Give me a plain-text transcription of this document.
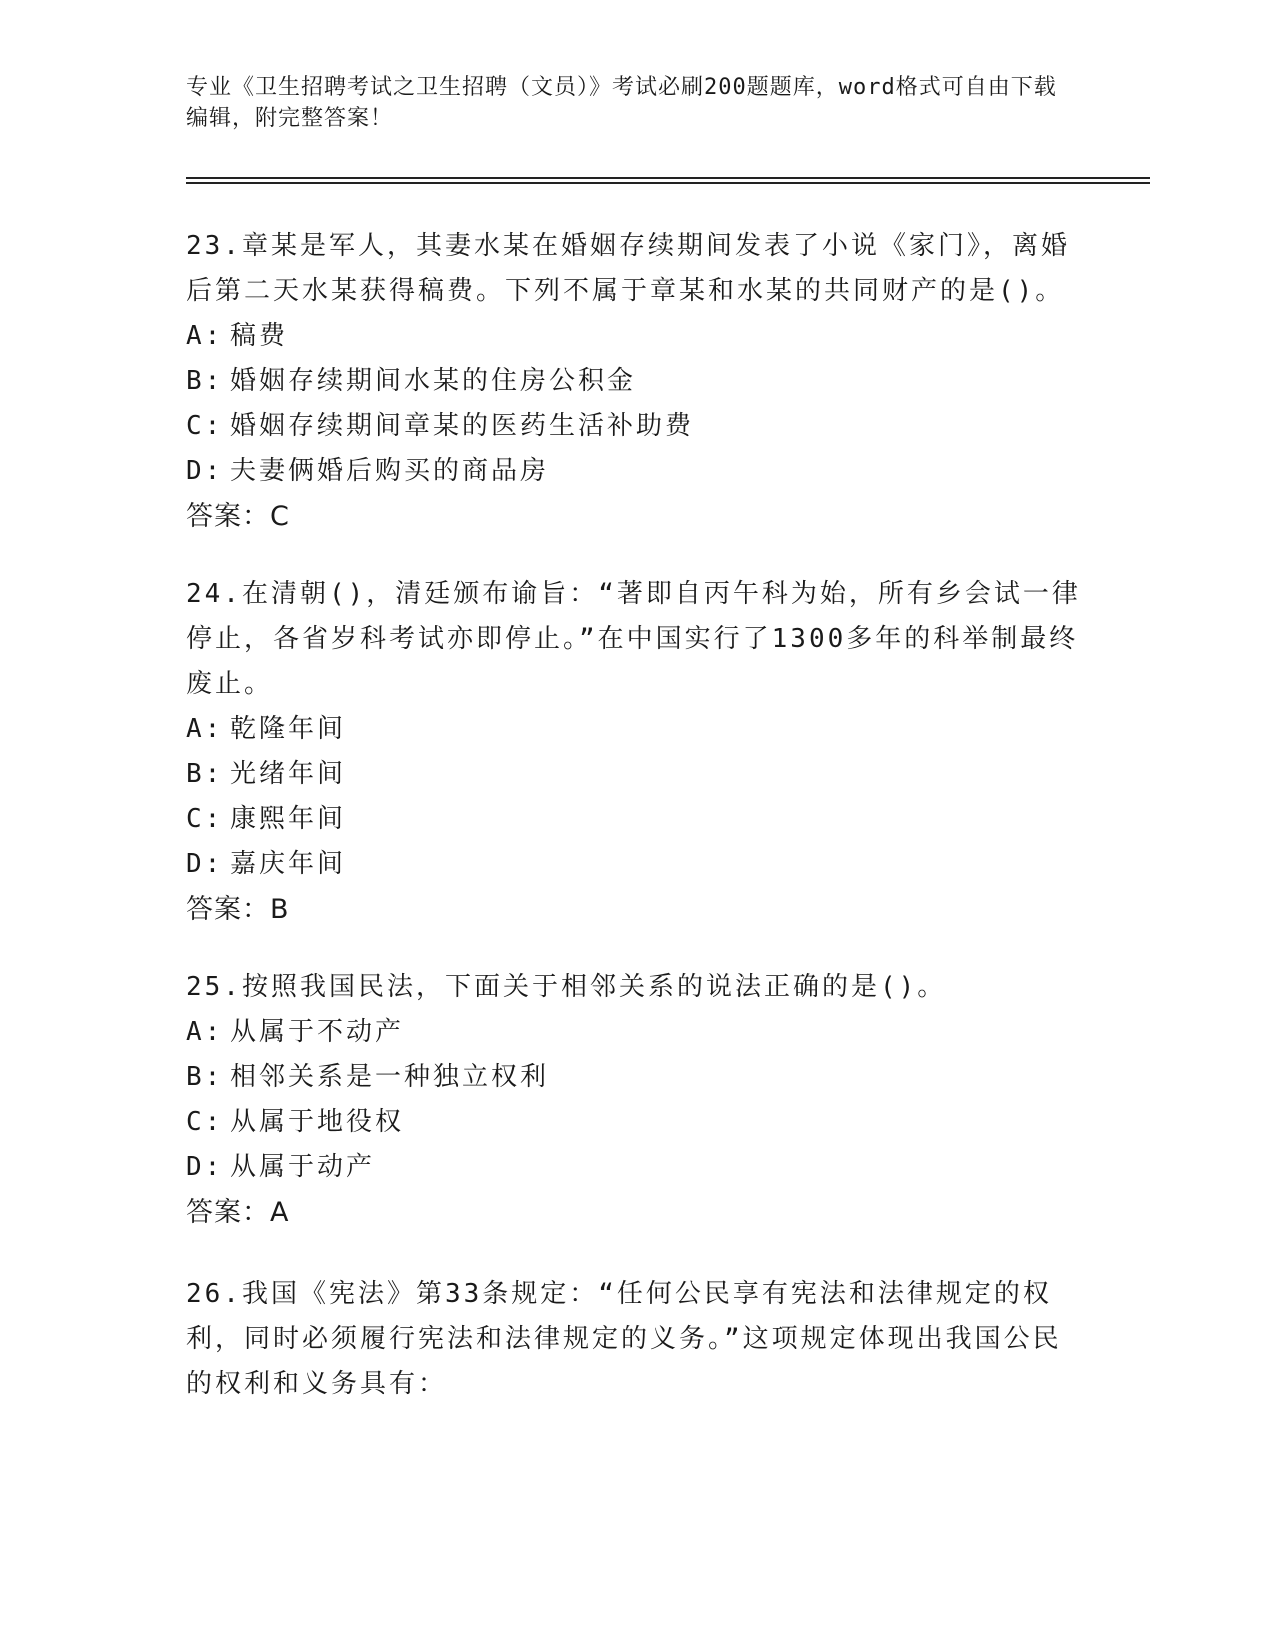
专业《卫生招聘考试之卫生招聘（文员）》考试必刷200题题库，word格式可自由下载编辑，附完整答案！

23.章某是军人，其妻水某在婚姻存续期间发表了小说《家门》，离婚后第二天水某获得稿费。下列不属于章某和水某的共同财产的是()。

A: 稿费

B: 婚姻存续期间水某的住房公积金

C: 婚姻存续期间章某的医药生活补助费

D: 夫妻俩婚后购买的商品房

答案：C

24.在清朝()，清廷颁布谕旨：“著即自丙午科为始，所有乡会试一律停止，各省岁科考试亦即停止。”在中国实行了1300多年的科举制最终废止。

A: 乾隆年间

B: 光绪年间

C: 康熙年间

D: 嘉庆年间

答案：B

25.按照我国民法，下面关于相邻关系的说法正确的是()。

A: 从属于不动产

B: 相邻关系是一种独立权利

C: 从属于地役权

D: 从属于动产

答案：A

26.我国《宪法》第33条规定：“任何公民享有宪法和法律规定的权利，同时必须履行宪法和法律规定的义务。”这项规定体现出我国公民的权利和义务具有：
